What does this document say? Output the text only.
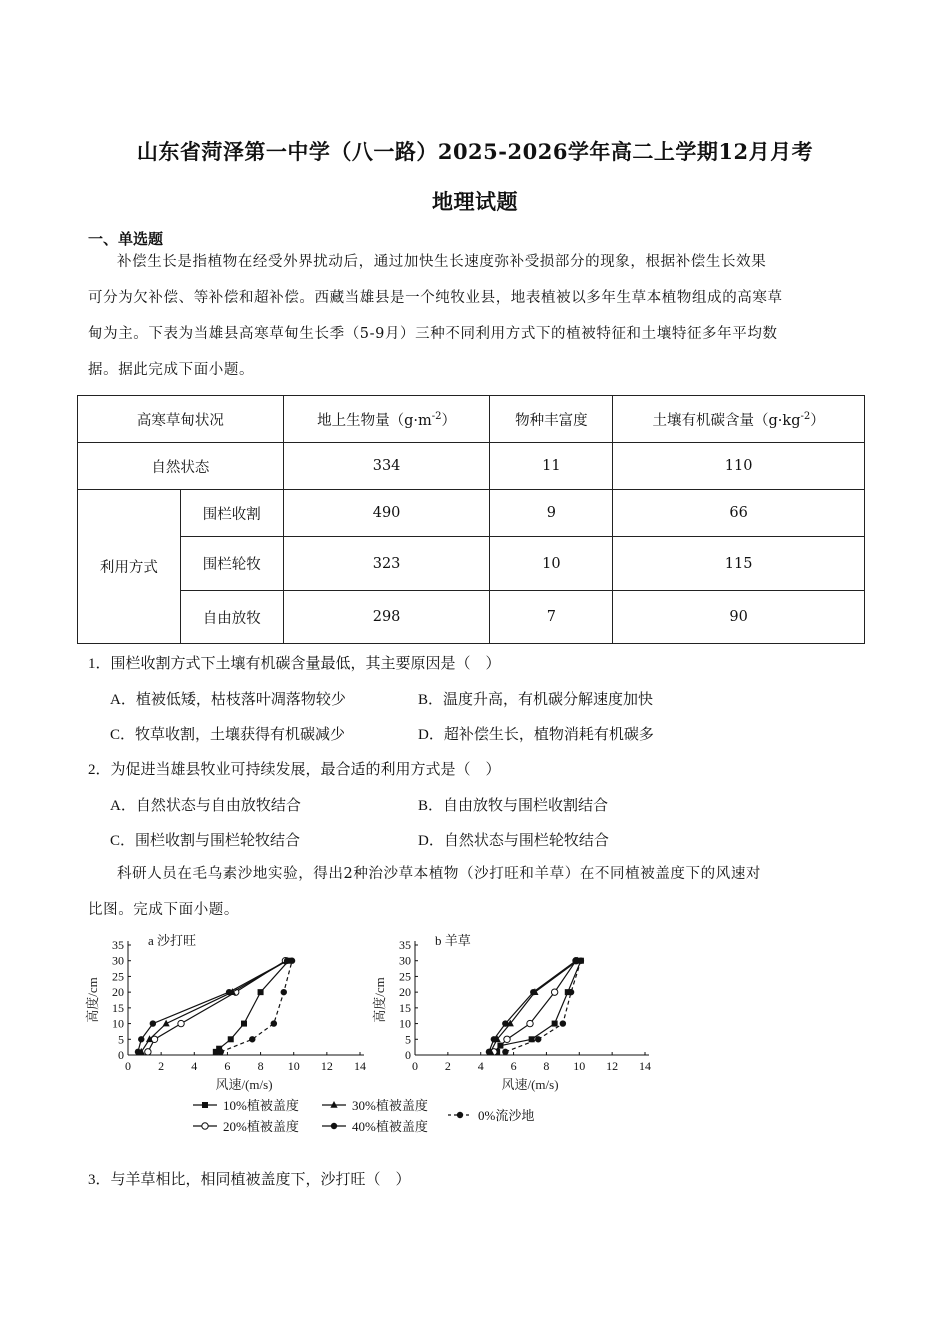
山东省菏泽第一中学（八一路）2025-2026学年高二上学期12月月考
地理试题
一、单选题
补偿生长是指植物在经受外界扰动后，通过加快生长速度弥补受损部分的现象，根据补偿生长效果
可分为欠补偿、等补偿和超补偿。西藏当雄县是一个纯牧业县，地表植被以多年生草本植物组成的高寒草
甸为主。下表为当雄县高寒草甸生长季（5-9月）三种不同利用方式下的植被特征和土壤特征多年平均数
据。据此完成下面小题。
高寒草甸状况		地上生物量$(g\cdot m^{-2})$	物种丰富度	土壤有机碳含量$(g\cdot kg^{-2})$
自然状态		334	11	110
利用方式	围栏收割	490	9	66
	围栏轮牧	323	10	115
	自由放牧	298	7	90
1．围栏收割方式下土壤有机碳含量最低，其主要原因是（　）
A．植被低矮，枯枝落叶凋落物较少	B．温度升高，有机碳分解速度加快
C．牧草收割，土壤获得有机碳减少	D．超补偿生长，植物消耗有机碳多
2．为促进当雄县牧业可持续发展，最合适的利用方式是（　）
A．自然状态与自由放牧结合	B．自由放牧与围栏收割结合
C．围栏收割与围栏轮牧结合	D．自然状态与围栏轮牧结合
科研人员在毛乌素沙地实验，得出2种治沙草本植物（沙打旺和羊草）在不同植被盖度下的风速对
比图。完成下面小题。
10%植被盖度	30%植被盖度
0%流沙地
20%植被盖度	40%植被盖度
0 2 4 6 8 10 12 14
0
5
10
15
20
25
30
35
风速/(m/s)
高度/cm
a 沙打旺
0 2 4 6 8 10 12 14
0
5
10
15
20
25
30
35
风速/(m/s)
高度/cm
b 羊草
3．与羊草相比，相同植被盖度下，沙打旺（　）
